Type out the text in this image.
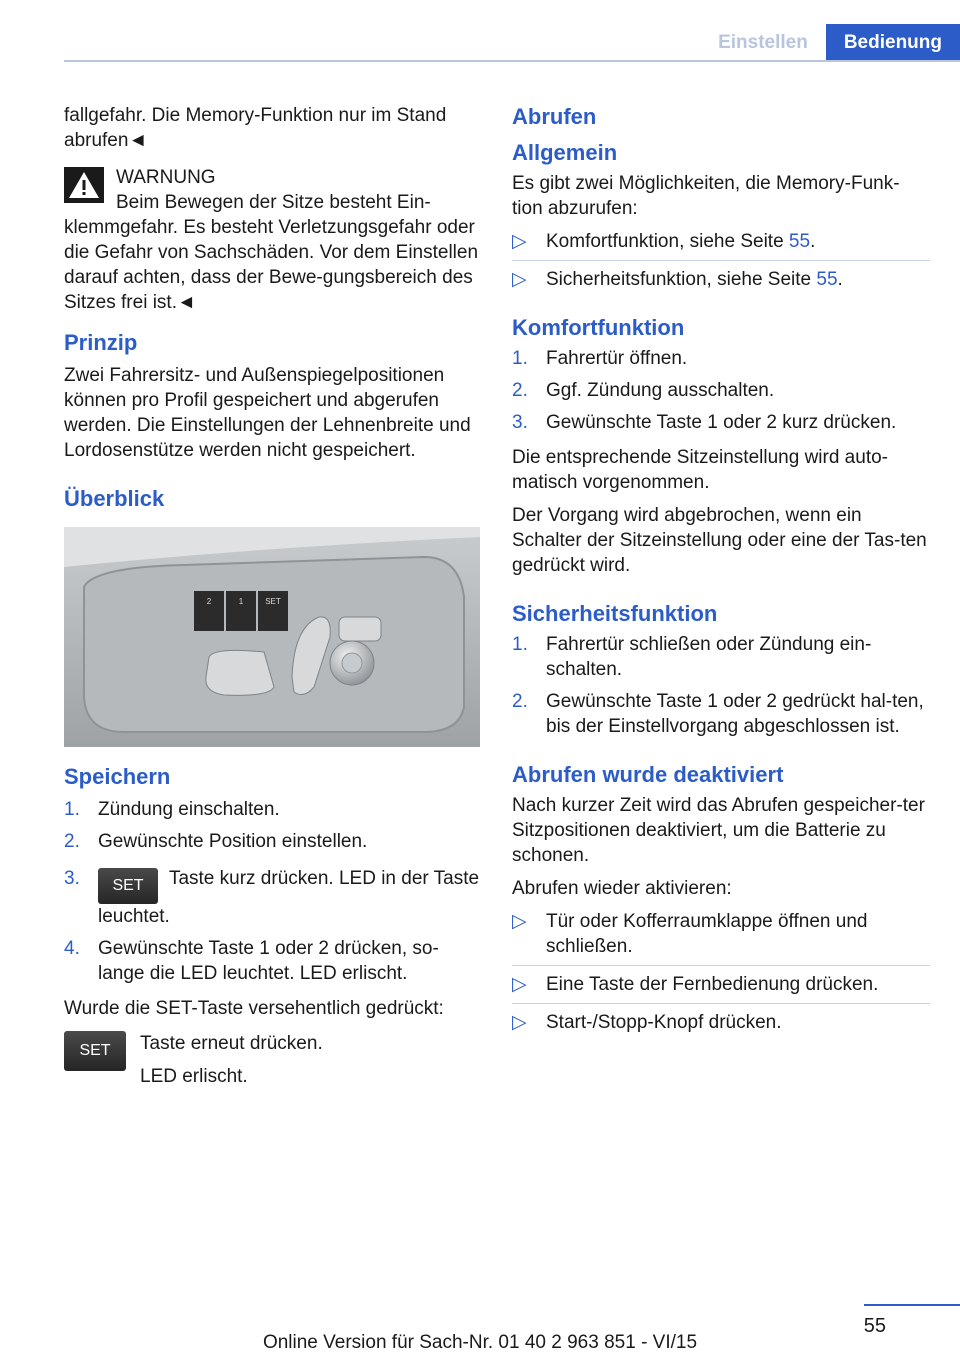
Einstellen	Bedienung

fallgefahr. Die Memory-Funktion nur im Stand abrufen◄

WARNUNG

Beim Bewegen der Sitze besteht Ein-klemmgefahr. Es besteht Verletzungsgefahr oder die Gefahr von Sachschäden. Vor dem Einstellen darauf achten, dass der Bewe-gungsbereich des Sitzes frei ist.◄

Prinzip

Zwei Fahrersitz- und Außenspiegelpositionen können pro Profil gespeichert und abgerufen werden. Die Einstellungen der Lehnenbreite und Lordosenstütze werden nicht gespeichert.

Überblick
2	1	SET
Speichern
1. Zündung einschalten.
2. Gewünschte Position einstellen.
3.	SET Taste kurz drücken. LED in der Taste leuchtet.
4. Gewünschte Taste 1 oder 2 drücken, so-lange die LED leuchtet. LED erlischt.

Wurde die SET-Taste versehentlich gedrückt:

SET	Taste erneut drücken.

LED erlischt.

Abrufen
Allgemein

Es gibt zwei Möglichkeiten, die Memory-Funk-tion abzurufen:

▷	Komfortfunktion, siehe Seite 55.
▷	Sicherheitsfunktion, siehe Seite 55.
Komfortfunktion
1. Fahrertür öffnen.
2. Ggf. Zündung ausschalten.
3. Gewünschte Taste 1 oder 2 kurz drücken.

Die entsprechende Sitzeinstellung wird auto-matisch vorgenommen.

Der Vorgang wird abgebrochen, wenn ein Schalter der Sitzeinstellung oder eine der Tas-ten gedrückt wird.

Sicherheitsfunktion
1. Fahrertür schließen oder Zündung ein-schalten.
2. Gewünschte Taste 1 oder 2 gedrückt hal-ten, bis der Einstellvorgang abgeschlossen ist.
Abrufen wurde deaktiviert

Nach kurzer Zeit wird das Abrufen gespeicher-ter Sitzpositionen deaktiviert, um die Batterie zu schonen.

Abrufen wieder aktivieren:

▷	Tür oder Kofferraumklappe öffnen und schließen.
▷	Eine Taste der Fernbedienung drücken.
▷	Start-/Stopp-Knopf drücken.
55
Online Version für Sach-Nr. 01 40 2 963 851 - VI/15
